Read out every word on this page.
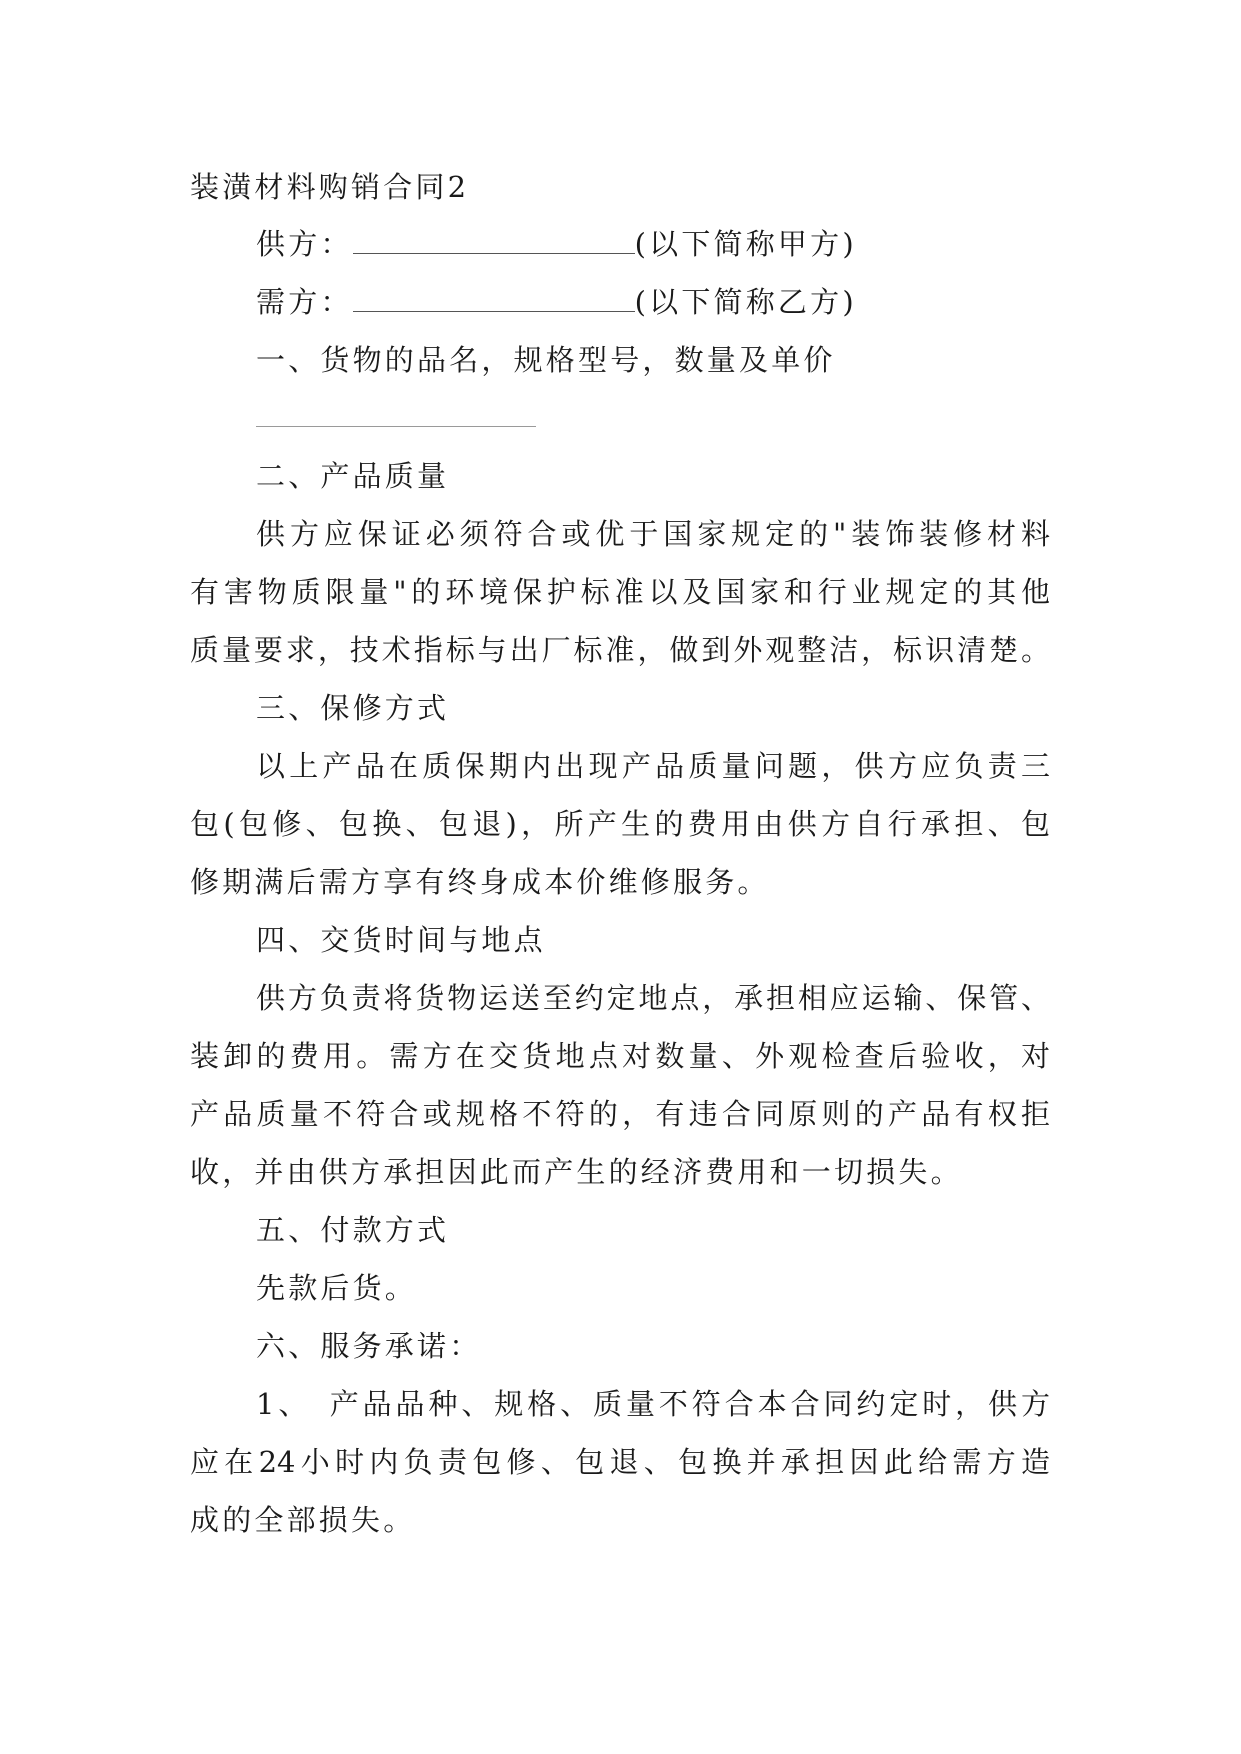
装潢材料购销合同2
供方：	(以下简称甲方)
需方：	(以下简称乙方)
一、货物的品名，规格型号，数量及单价
二、产品质量
供方应保证必须符合或优于国家规定的"装饰装修材料
有害物质限量"的环境保护标准以及国家和行业规定的其他
质量要求，技术指标与出厂标准，做到外观整洁，标识清楚。
三、保修方式
以上产品在质保期内出现产品质量问题，供方应负责三
包(包修、包换、包退)，所产生的费用由供方自行承担、包
修期满后需方享有终身成本价维修服务。
四、交货时间与地点
供方负责将货物运送至约定地点，承担相应运输、保管、
装卸的费用。需方在交货地点对数量、外观检查后验收，对
产品质量不符合或规格不符的，有违合同原则的产品有权拒
收，并由供方承担因此而产生的经济费用和一切损失。
五、付款方式
先款后货。
六、服务承诺：
1、　产品品种、规格、质量不符合本合同约定时，供方
应在24小时内负责包修、包退、包换并承担因此给需方造
成的全部损失。
